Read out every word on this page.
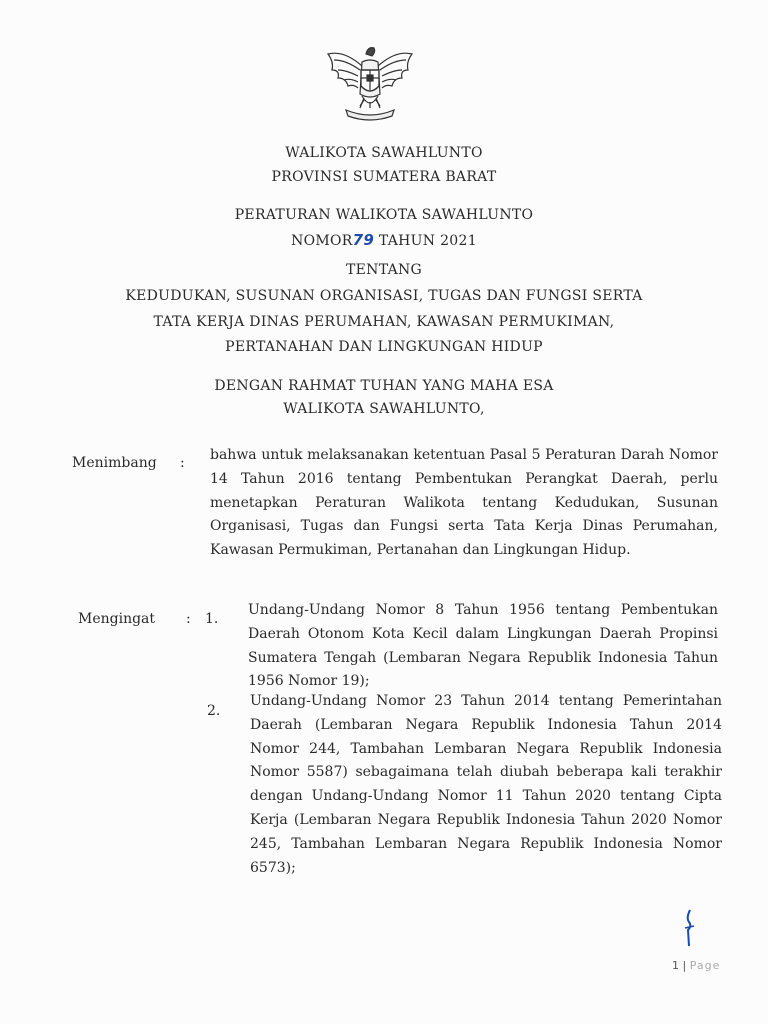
WALIKOTA SAWAHLUNTO
PROVINSI SUMATERA BARAT
PERATURAN WALIKOTA SAWAHLUNTO
NOMOR79 TAHUN 2021
TENTANG
KEDUDUKAN, SUSUNAN ORGANISASI, TUGAS DAN FUNGSI SERTA
TATA KERJA DINAS PERUMAHAN, KAWASAN PERMUKIMAN,
PERTANAHAN DAN LINGKUNGAN HIDUP
DENGAN RAHMAT TUHAN YANG MAHA ESA
WALIKOTA SAWAHLUNTO,
Menimbang : bahwa untuk melaksanakan ketentuan Pasal 5 Peraturan Darah Nomor 14 Tahun 2016 tentang Pembentukan Perangkat Daerah, perlu menetapkan Peraturan Walikota tentang Kedudukan, Susunan Organisasi, Tugas dan Fungsi serta Tata Kerja Dinas Perumahan, Kawasan Permukiman, Pertanahan dan Lingkungan Hidup.
Mengingat : 1.
Undang-Undang Nomor 8 Tahun 1956 tentang Pembentukan Daerah Otonom Kota Kecil dalam Lingkungan Daerah Propinsi Sumatera Tengah (Lembaran Negara Republik Indonesia Tahun 1956 Nomor 19);
2.
Undang-Undang Nomor 23 Tahun 2014 tentang Pemerintahan Daerah (Lembaran Negara Republik Indonesia Tahun 2014 Nomor 244, Tambahan Lembaran Negara Republik Indonesia Nomor 5587) sebagaimana telah diubah beberapa kali terakhir dengan Undang-Undang Nomor 11 Tahun 2020 tentang Cipta Kerja (Lembaran Negara Republik Indonesia Tahun 2020 Nomor 245, Tambahan Lembaran Negara Republik Indonesia Nomor 6573);
1 | Page
